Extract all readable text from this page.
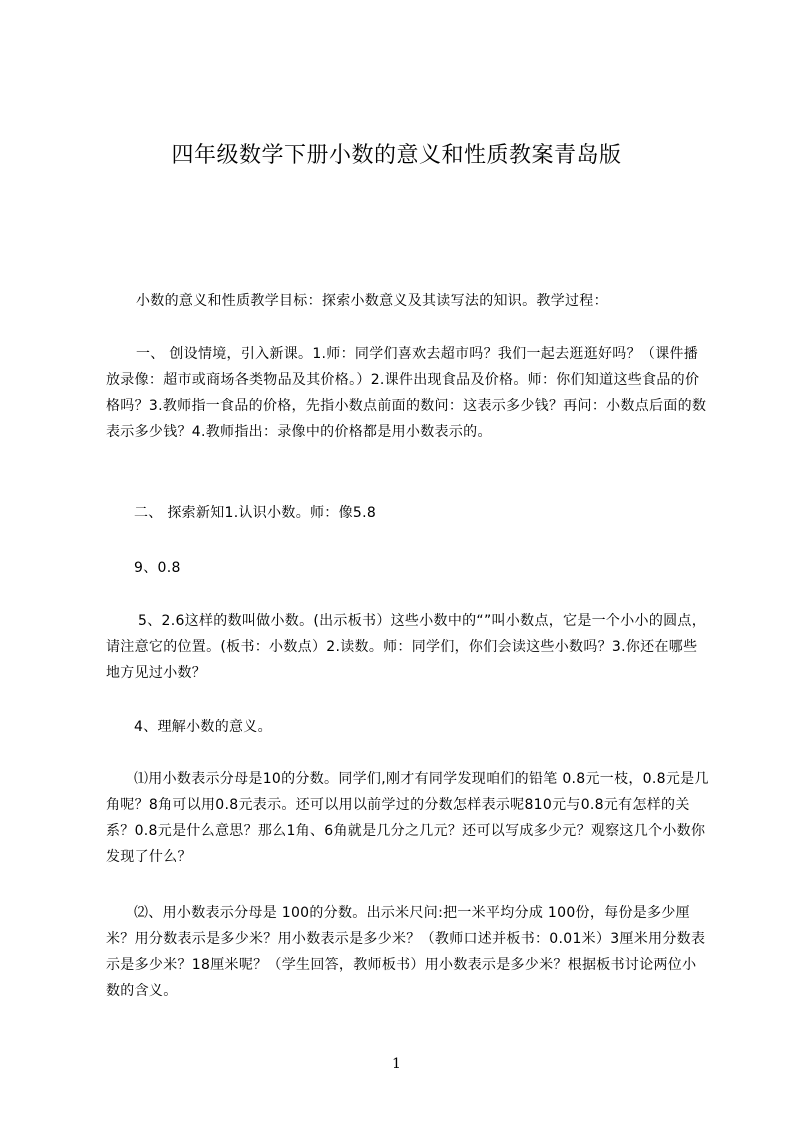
四年级数学下册小数的意义和性质教案青岛版
小数的意义和性质教学目标：探索小数意义及其读写法的知识。教学过程：
一、 创设情境，引入新课。1.师：同学们喜欢去超市吗？我们一起去逛逛好吗？（课件播放录像：超市或商场各类物品及其价格。）2.课件出现食品及价格。师：你们知道这些食品的价格吗？3.教师指一食品的价格，先指小数点前面的数问：这表示多少钱？再问：小数点后面的数表示多少钱？4.教师指出：录像中的价格都是用小数表示的。
二、 探索新知1.认识小数。师：像5.8
9、0.8
5、2.6这样的数叫做小数。(出示板书）这些小数中的“”叫小数点，它是一个小小的圆点，请注意它的位置。(板书：小数点）2.读数。师：同学们，你们会读这些小数吗？3.你还在哪些地方见过小数？
4、理解小数的意义。
⑴用小数表示分母是10的分数。同学们,刚才有同学发现咱们的铅笔 0.8元一枝，0.8元是几角呢？8角可以用0.8元表示。还可以用以前学过的分数怎样表示呢810元与0.8元有怎样的关系？0.8元是什么意思？那么1角、6角就是几分之几元？还可以写成多少元？观察这几个小数你发现了什么？
⑵、用小数表示分母是 100的分数。出示米尺问:把一米平均分成 100份，每份是多少厘米？用分数表示是多少米？用小数表示是多少米？（教师口述并板书：0.01米）3厘米用分数表示是多少米？18厘米呢？（学生回答，教师板书）用小数表示是多少米？根据板书讨论两位小数的含义。
1
